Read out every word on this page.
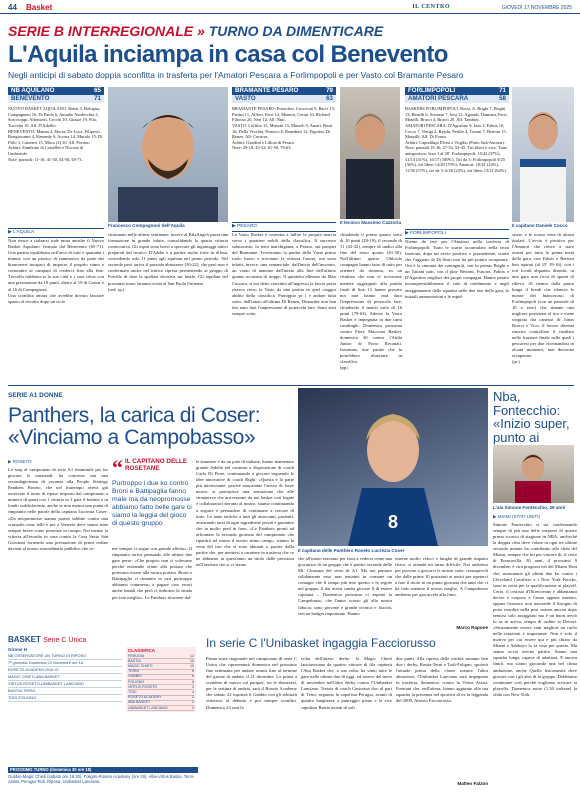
44 Basket	IL CENTRO	GIOVEDÌ 17 NOVEMBRE 2025
SERIE B INTERREGIONALE » TURNO DA DIMENTICARE
L'Aquila inciampa in casa col Benevento
Negli anticipi di sabato doppia sconfitta in trasferta per l'Amatori Pescara a Forlimpopoli e per Vasto col Bramante Pesaro
NB AQUILANO	65
BENEVENTO	71
BRAMANTE PESARO	79
VASTO	63
FORLIMPOPOLI	71
AMATORI PESCARA	58
NUOVO BASKET AQUILANO: Renzi 3, Bologna, Compagnoni 16, Di Paolo 6, Amadio Nardecchia 2, Scaccioppi, Alfonsetti, Cecchi 10, Giosué 19, Fila, Tuccetta 10. All: D'Adelfio.
BENEVENTO: Manna 4, Morra, De Luca, Filipovic, Bongiovanni 4, Kennedy 6, Acosta 14, Murolo 15, Di Pirlo 3, Caioneri 15, Mirra (2) 10. All: Porrino.
Arbitri: Zambotto di Castellée e Nicosia di Umbertide.
Note: parziali: 11-16, 41-30, 54-58, 65-71.
BRAMANTE PESARO: Pozzolesi, Croscioni 9, Bacci 13, Pierini 11, Alfieri, Ferri 14, Menotti, Cerini 10, Richard Filiosso 20, Neri 12. All: Nini.
VASTO: Loffitto 13, Menotti 15, Marseli 5, Amati, Bruti 16, Della Vecchia, Petrucci 6, Benedetti 12, Figorini, Di Renzo. All: Cucurra.
Arbitri: Giardini e Lilloia di Pesaro.
Note: 29-18, 43-32, 61-50, 79-63.
BASKERS FORLIMPOPOLI: Rossi, A. Brighi 7, Brighi 13, Benelli 6, Scimeni 7, Sesi 12, Agaradi, Damiani, Ferri, Maselli, Bracci 4, Bracci 20. All: Tambini.
AMATORI PESCARA: D'Agostino 9, Izzo 2, Fabris 10, Cocco 7, Venigi 2, Rajola, Perillo 4, Tovani 7, Bertoni 15, Mazzilli. All: Di Fonzo.
Arbitri: Capodilupi Elvisi e Virgilio (Prato Sud/Ancona).
Note: parziali 15-16, 27-32, 52-45. Tiri liberi e vico. Tutto antisportivo: Izzo 1 al 38'. Forlimpopoli: 15/42 (37%), 31/14 (41%), 16/17 (100%). Tiri da 3: Forlimpopoli 9/25 (36%), tiri liberi 14/20 (70%). Amatori: 10/41 (24%), 11/30 (37%), tiri da 3: 6/26 (23%), tiri liberi 13/21 (62%).
Francesco Compagnoni dell'Aquila
Il tecnico Massimo Cazzorla
Il capitano Daniele Cocco
▶ L'AQUILA
▶ PESARO
▶ FORLIMPOPOLI
Non riesce a rialzarsi trale mura amiche il Nuovo Basket Aquilano, fermato dal Benevento (65-71). Una partita equilibrata nell'arco di tutti e quaranta i minuti, con un pizzico di rammarico da parte dei bianconeri incapaci di imporre il proprio ritmo e consentire ai campani di crederci fino alla fine. Tuccella riabbraccia la sua città e i suoi tifosi con una prestazione da 10 punti, dietro al 19 di Cassar e al 16 di Compagnoni.
Una sconfitta amara che avrebbe dovuto lasciare spazio al riscatto dopo un ciclo
sfortunato nelle ultime settimane, invece al PalaAngeli passa una formazione in grande salute, consolidando la quarta vittoria consecutiva. Gli ospiti sono bravi a sporcare gli ingranaggi tattici preparati dal tecnico D'Addio e a partire molto forte in difesa, concedendo solo 11 punti agli aquilani nel primo periodo. Nel secondo però arriva il parziale abruzzese (30-22), che però non è confermato anche nel trittico ripresa permettendo ai gruppo di Porrillo di dare la spallata decisiva sui finale. Gli aquilani nel prossimo turno faranno visita al San Paolo Ostiense.
(red. sp.)
La Vasto Basket è costretta a fallire la propria marcia verso i quartieri nobili della classifica. Il successo salutavasto, in terra marchigiana, a Pesaro, sui parquet del Bramante. Troveranno la partita della Vasto primo ruolo bravo e troviamo la vittoria l'onore, ma sono infatti, invece, una sentanciale, dall'inizio dell'incontro, un vanto di manone dall'inizio alla fine dell'ultimo quanto accanata di troppo. Il quintetto allenato da Max Cucurra, si era detto convinto all'ingresso la fascia porta riserva verso la Vasto da una partita in quel viaggio abilito della classifica. Partoppio pr ( e andare tutta sotto, dall'inizio all'ultima Di Renzo, Dimartini non han tiro nato dari l'impressione di potercela fare. Sono stati sempre sotto,
chiudendo il primo quarto sotto di 10 punti (29-19), il secondo di 11 (43-32), sempre di undici alla fine del terzo quarto (61-50). Nell'ultimo quarto Ohlcicle compagni hanno fatto di tutto per ottenere da rimonta, su un risultato che non vi trovavano mettere aggrappati alla partita finali di fine. Ci hanno provato ma non hanno mai dato l'impressione di potercela fare, chiudendo il match sotto di 16 punti (79-63). Adesso la Vasto Basket è impegnata in due turni casalinghi. Domenica prossima contro Fiere Maccona Basket, domenica 30 contro l'Attila Junior di Porto Recanati. Insomma, due partite che la potrebbero rilanciare in classifica.
(pp)
Niente da fare per l'Amatori nella trasferta di Forlimpopoli. Tutto le scarto accumulato nella terza frazione, dopo un avvio positivo e promettente, scarto che l'agguato di Di Sisto non ha più potuto recuperare. Ora è la rimonta dei romagnoli, con in primis Brighi e un Taitani tutti, con il play Bertoni, Fuscari, Fabris e D'Agostino migliori dei propri compagni. Hanno pesato incomprensibilmente il calo di rendimento e negli atteggiamento delle squadra nelle due fasi della gara, le iniziali ammonizioni e le espul-
sione, e le scarsa vena di alcuni titolari. L'avvio è positivo per l'Amatori che riesce a stare avanti per tutta la prima metà della gara, con Fabris e Bertoni ben ispirati (al 15' 19-16), con i tori locali alquanto disuniti, in una gara non ricca di spunti di rilievo. Al rientro dalla pausa lunga il break che rilancia le mosse dei biancorossi di Forlimpopoli (con un parziale di 10 a zero) che rimane una migliore posizione al tiro e viene sospinta dai canestri di Jonas Bracci e Vico, il lavoro diventa riuscito controllare il risultato nella frazione finale nelle quali i pescaresi per due viceinandosi in alcuni momenti, non decisone recuperare.
(pr.)
SERIE A1 DONNE
Panthers, la carica di Coser: «Vinciamo a Campobasso»
▶ ROSETO
Lo stop al campionato di serie A1 femminile per far giocare le nazionali, ha concesso uni una secondagiornata di vacanza alla People Strategy Panthers Roseto, che nel frattempo avevà già osservato il turno di riposo imposto dal campionato a numero di quasi con 1 vittoria in 3 gare il bottino e in fondo soddisfacente, anche se non manca una punta di rimpianto nelle parole della capitana Lucrezia Coser: «Da neopromosse stanno parten sobbite contro una cruzazila cone felle e poi a Venezia dove siamo state sempre brave come presenze in campo. Nei menso la vittoria all'esordio in casa contro la Cesa Sesto San Giovanni fornendo una prestazione di primi ordine davanti al nostro straordinario pubblico che ce-
“ IL CAPITANO DELLE ROSETANE
Purtroppo i due ko contro Broni e Battipaglia fanno male ma da neopromosse abbiamo fatto belle gare ci siamo la leggia del gioco di questo gruppo
me sempre ci segue con grande affetto». Il rimpianto arriva pensando alle ultime due gare perse: «Che proprio non ci volevano perché entrambe erano alla portata che potevano essere alla nostra portata. Broni e Battipaglia ci rimanite in casi purtroppo abbiamo commesso a pagare caro errori anche banali che però ci indicano la strada per fare meglio». Le Panthers ritornere dal-
le straniere e da un paio di italiane, hanno mantenuto grande fedeltà nel contesto a disposizione di coach Carlo Di Fiore, continuando a giocare seguendo le idee innovative di coach Righi: «Questa è la parte più interessante, perché nonostante l'arrivo di forze nuove, si percepisce una sensazione che alle stranierece che arriveranno da noi basket così legate e collaboratori davanti al nostro, stiamo continuando a seguire e persuadere di continuare a cercare di tutto. Le tante tattiche a tutti gli attaccanti, pazienti, avanzando tassi di ogni ingrediente pronti e garantire che in molto perd in fono. «Le Panthers pronti ad affrontare la seconda giornata del campionato che ripartirà ad essere il nostro ritmo campo, stiamo la vena del tiro che si sono abituati a partire dalla partite che, per mettersi a carattere in trasferta che ce ne abbiamo in quest'anno un titolo dalle pressioni nell'assenza che si vi siamo
8
Il capitano delle Panthers Roseto Lucrezia Coser
che all'inizio eravamo per farsi a vedersi come una giocatrice di un gruppo che è partito seconde delle Mi. Chiusura del sesto di A1. Ma noi pensare solidamente esso non teniamo in comune un contagio che lì tempo più mio questo e le regole nel gruppo, il dai nostri cambi giocare ll di essere capitana – Domenica prossima ci aspetta la Campobasso, che l'anno scorso gli alla nostra fiducia, sono giovane e grande tecnica e fisicità, con un budget importante. Hanno
esterne molto veloci e lunghe di grande impatto fisico, ci attende un turno difficile. Noi andremo per provare a giocarci le nostre carte, consapevoli che dalle prime 10 posizioni ai nostri per ripeterci a fare il titolo in un punto giornata che anni che ci ha fatto mettere il nostro meglio. A Campobasso andremo per giocarcela alla fine».
Marco Rapone
Nba, Fonteсchio: «Inizio super, punto ai
L'ala Simone Fontecchio, 29 anni
▶ MIAMI (STATI UNITI)
Simone Fontecchio si sta confermando sempre di più una delle sorprese di questo primo scorcio di stagione in NBA, ancheché la doppia cifra deve volare in ogni tre ultime secondo minute ha contribuito alla sfida del Miami, sempre che lui per vincere di, il certo di Francavilla, 30 anni, il prossimo 9 dicembre, è vira prognosi nei dei Miami Heat che, nonostante gli ultimi due ko contro i Cleveland Cavaliers e i New York Knicks, sono in corsa per la qualificazione ai playoff. Certo, il cestista d'Oltreoceano è abbastanza decise e corposo e l'anno appena iniziato, eppure l'azzurro non nasconde il bisogno di poter esordire nella post season ancora dopo sentirsi solo assaggiato ma è un buon avviò lo sa in arrivo, tempo di ordine ai Detroit. «Sicuramente essere stati migliori un ruolo nelle rotazioni è importante. Non è solo il motivo per cui essere qui e più chiaro da Miami e Adebayo lo sa cose per questo. Ma siamo ovvio averne partire. Siamo una squadra lunga, capace di adattarsi. E ancora finirò, ma siamo giocando una bel clima ambizione, anche Quello fisicamente deve giocare con i gli altri di la gruppo. Dobbiamo continuare così perché vogliamo arrivare ai playoffs. Domenica notte (1.30 italiane) la sfida con New York.
BASKET Serie C Unica
Girone H
NB OSSERVATORE UN TURNO DI RIPOSO
7ª giornata: Domenica 23 Novembre ore 18
ROSETO ACADEMY-GIULIO
MAGIC CHIETI-ABA BASKET
VIRTUS ROSETO-UNIBASKET LANCIANO
BASTIA-TERNI
TODI-FOLIGNO
CLASSIFICA
PERUGIA	12
BASTIA	10
MAGIC CHIETI	10
TERNI	8
GUBBIO	6
FOLIGNO	6
VIRTUS ROSETO	4
TODI	4
ROSETO ACADEMY	2
ABA BASKET	2
UNIBASKET LANCIANO	2
PROSSIMO TURNO (domenica 30 ore 18)
Gubbio-Magic Chieti (sabato ore 18.30). Foligno-Roseto Academy (ore 19). Alba-Virtus Bastia, Terni-Assisi, Perugia-Todi. Riposa: Unibasket Lanciano.
In serie C l'Unibasket ingaggia Facciorusso
Prima sosta stagionale nel campionato di serie C Unica che ripresenterà domenica nel prossimo fine settimana per andare avanti fino al termine del girone di andata, il 21 dicembre. La prima a scendere di nuovo sul parquet, tra le abruzzesi, per le settima di andata, sarà il Roseto Academy che sabato 22 ospiterà il Gubbio con gli arbitrali vittoriosi al debutto e poi sempre sconfitti. Domenica 23 sarà la
volta dell'atteso derby: la Magic Chieti lanciavisiana da quattro vittorie di fila ospiterà l'Aba Basket che, a sua volta, ha vinto tutte le gare nelle ultime due di oggi, ed invece del mese di novembre nell'altro derby contro l'Unibasket Lanciano. Treizia di coach Castorina che, al pari di Terni, seguono la capolista Perugia, avanti di quattro lunghezze a punteggio pieno e la vice capolista Bastia avanti di soli
due punti. Alla ripresa delle ostilità saranno ben due i derby, Bastia-Terni e Todi-Foligno, sposerà l'attuale prima della classe mentre l'altra abruzzese, l'Unibasket Lanciano sarà impegnata in trasferta, domenica, contro la Virtus Assisi. Frentani che, nell'attesa, hanno aggiunto alla tua squadra la presenza nel sportiva di ex la leggenda del 2009, Alessio Facciorusso.
Matteo Falzon
